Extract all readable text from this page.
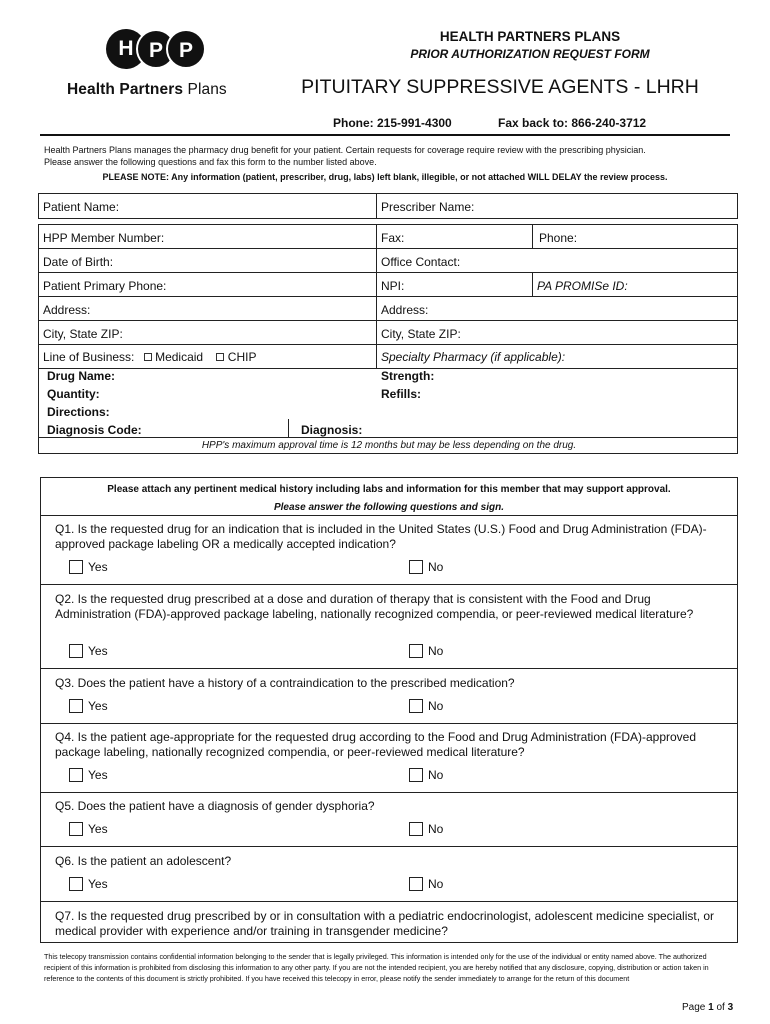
H P P
Health Partners Plans
HEALTH PARTNERS PLANS
PRIOR AUTHORIZATION REQUEST FORM
PITUITARY SUPPRESSIVE AGENTS - LHRH
Phone: 215-991-4300	Fax back to: 866-240-3712
Health Partners Plans manages the pharmacy drug benefit for your patient. Certain requests for coverage require review with the prescribing physician.
Please answer the following questions and fax this form to the number listed above.
PLEASE NOTE: Any information (patient, prescriber, drug, labs) left blank, illegible, or not attached WILL DELAY the review process.
Patient Name:	Prescriber Name:
HPP Member Number:	Fax:	Phone:
Date of Birth:	Office Contact:
Patient Primary Phone:	NPI:	PA PROMISe ID:
Address:	Address:
City, State ZIP:	City, State ZIP:
Line of Business: Medicaid CHIP	Specialty Pharmacy (if applicable):
Drug Name:	Strength:
Quantity:	Refills:
Directions:
Diagnosis Code:	Diagnosis:
HPP's maximum approval time is 12 months but may be less depending on the drug.
Please attach any pertinent medical history including labs and information for this member that may support approval.
Please answer the following questions and sign.
Q1. Is the requested drug for an indication that is included in the United States (U.S.) Food and Drug Administration (FDA)-approved package labeling OR a medically accepted indication?
Yes	No
Q2. Is the requested drug prescribed at a dose and duration of therapy that is consistent with the Food and Drug Administration (FDA)-approved package labeling, nationally recognized compendia, or peer-reviewed medical literature?
Yes	No
Q3. Does the patient have a history of a contraindication to the prescribed medication?
Yes	No
Q4. Is the patient age-appropriate for the requested drug according to the Food and Drug Administration (FDA)-approved package labeling, nationally recognized compendia, or peer-reviewed medical literature?
Yes	No
Q5. Does the patient have a diagnosis of gender dysphoria?
Yes	No
Q6. Is the patient an adolescent?
Yes	No
Q7. Is the requested drug prescribed by or in consultation with a pediatric endocrinologist, adolescent medicine specialist, or medical provider with experience and/or training in transgender medicine?
This telecopy transmission contains confidential information belonging to the sender that is legally privileged. This information is intended only for the use of the individual or entity named above. The authorized recipient of this information is prohibited from disclosing this information to any other party. If you are not the intended recipient, you are hereby notified that any disclosure, copying, distribution or action taken in reference to the contents of this document is strictly prohibited. If you have received this telecopy in error, please notify the sender immediately to arrange for the return of this document
Page 1 of 3
